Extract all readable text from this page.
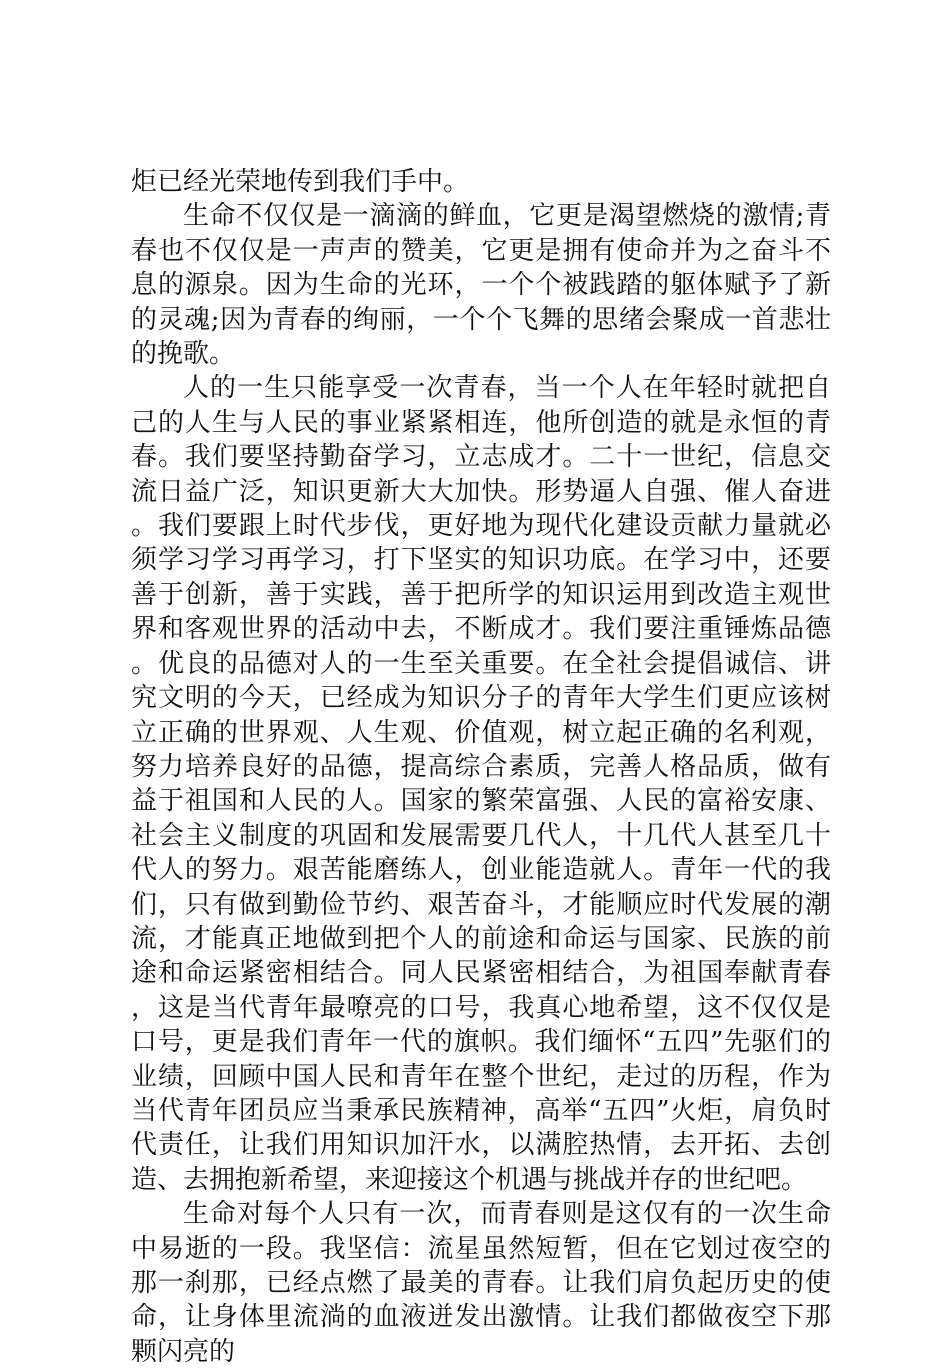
炬已经光荣地传到我们手中。

生命不仅仅是一滴滴的鲜血，它更是渴望燃烧的激情;青春也不仅仅是一声声的赞美，它更是拥有使命并为之奋斗不息的源泉。因为生命的光环，一个个被践踏的躯体赋予了新的灵魂;因为青春的绚丽，一个个飞舞的思绪会聚成一首悲壮的挽歌。

人的一生只能享受一次青春，当一个人在年轻时就把自己的人生与人民的事业紧紧相连，他所创造的就是永恒的青春。我们要坚持勤奋学习，立志成才。二十一世纪，信息交流日益广泛，知识更新大大加快。形势逼人自强、催人奋进。我们要跟上时代步伐，更好地为现代化建设贡献力量就必须学习学习再学习，打下坚实的知识功底。在学习中，还要善于创新，善于实践，善于把所学的知识运用到改造主观世界和客观世界的活动中去，不断成才。我们要注重锤炼品德。优良的品德对人的一生至关重要。在全社会提倡诚信、讲究文明的今天，已经成为知识分子的青年大学生们更应该树立正确的世界观、人生观、价值观，树立起正确的名利观，努力培养良好的品德，提高综合素质，完善人格品质，做有益于祖国和人民的人。国家的繁荣富强、人民的富裕安康、社会主义制度的巩固和发展需要几代人，十几代人甚至几十代人的努力。艰苦能磨练人，创业能造就人。青年一代的我们，只有做到勤俭节约、艰苦奋斗，才能顺应时代发展的潮流，才能真正地做到把个人的前途和命运与国家、民族的前途和命运紧密相结合。同人民紧密相结合，为祖国奉献青春，这是当代青年最嘹亮的口号，我真心地希望，这不仅仅是口号，更是我们青年一代的旗帜。我们缅怀“五四”先驱们的业绩，回顾中国人民和青年在整个世纪，走过的历程，作为当代青年团员应当秉承民族精神，高举“五四”火炬，肩负时代责任，让我们用知识加汗水，以满腔热情，去开拓、去创造、去拥抱新希望，来迎接这个机遇与挑战并存的世纪吧。

生命对每个人只有一次，而青春则是这仅有的一次生命中易逝的一段。我坚信：流星虽然短暂，但在它划过夜空的那一刹那，已经点燃了最美的青春。让我们肩负起历史的使命，让身体里流淌的血液迸发出激情。让我们都做夜空下那颗闪亮的
